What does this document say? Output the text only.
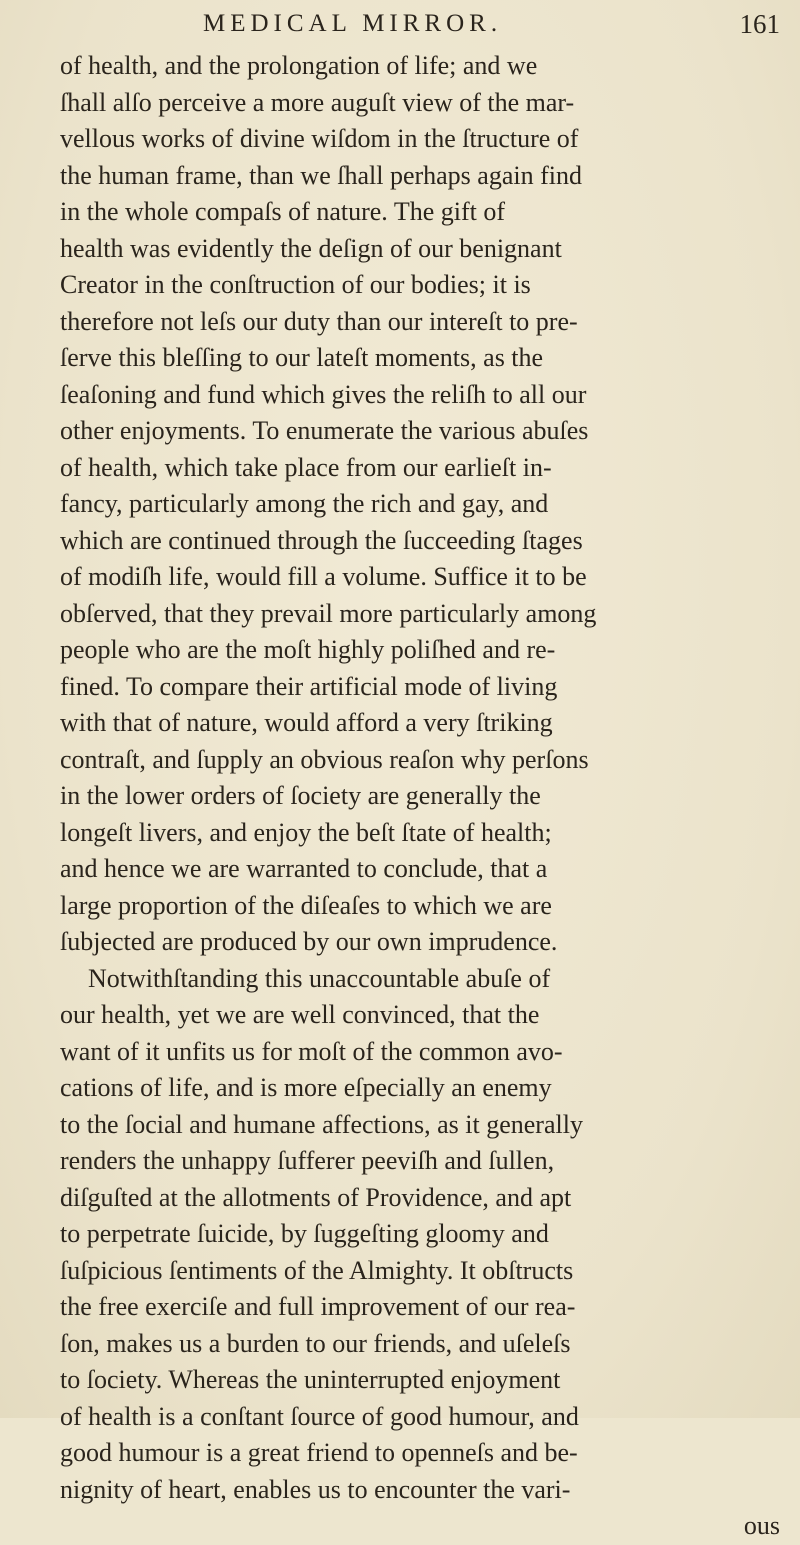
MEDICAL MIRROR.	161
of health, and the prolongation of life; and we
ſhall alſo perceive a more auguſt view of the mar-
vellous works of divine wiſdom in the ſtructure of
the human frame, than we ſhall perhaps again find
in the whole compaſs of nature. The gift of
health was evidently the deſign of our benignant
Creator in the conſtruction of our bodies; it is
therefore not leſs our duty than our intereſt to pre-
ſerve this bleſſing to our lateſt moments, as the
ſeaſoning and fund which gives the reliſh to all our
other enjoyments. To enumerate the various abuſes
of health, which take place from our earlieſt in-
fancy, particularly among the rich and gay, and
which are continued through the ſucceeding ſtages
of modiſh life, would fill a volume. Suffice it to be
obſerved, that they prevail more particularly among
people who are the moſt highly poliſhed and re-
fined. To compare their artificial mode of living
with that of nature, would afford a very ſtriking
contraſt, and ſupply an obvious reaſon why perſons
in the lower orders of ſociety are generally the
longeſt livers, and enjoy the beſt ſtate of health;
and hence we are warranted to conclude, that a
large proportion of the diſeaſes to which we are
ſubjected are produced by our own imprudence.
Notwithſtanding this unaccountable abuſe of
our health, yet we are well convinced, that the
want of it unfits us for moſt of the common avo-
cations of life, and is more eſpecially an enemy
to the ſocial and humane affections, as it generally
renders the unhappy ſufferer peeviſh and ſullen,
diſguſted at the allotments of Providence, and apt
to perpetrate ſuicide, by ſuggeſting gloomy and
ſuſpicious ſentiments of the Almighty. It obſtructs
the free exerciſe and full improvement of our rea-
ſon, makes us a burden to our friends, and uſeleſs
to ſociety. Whereas the uninterrupted enjoyment
of health is a conſtant ſource of good humour, and
good humour is a great friend to openneſs and be-
nignity of heart, enables us to encounter the vari-
ous
